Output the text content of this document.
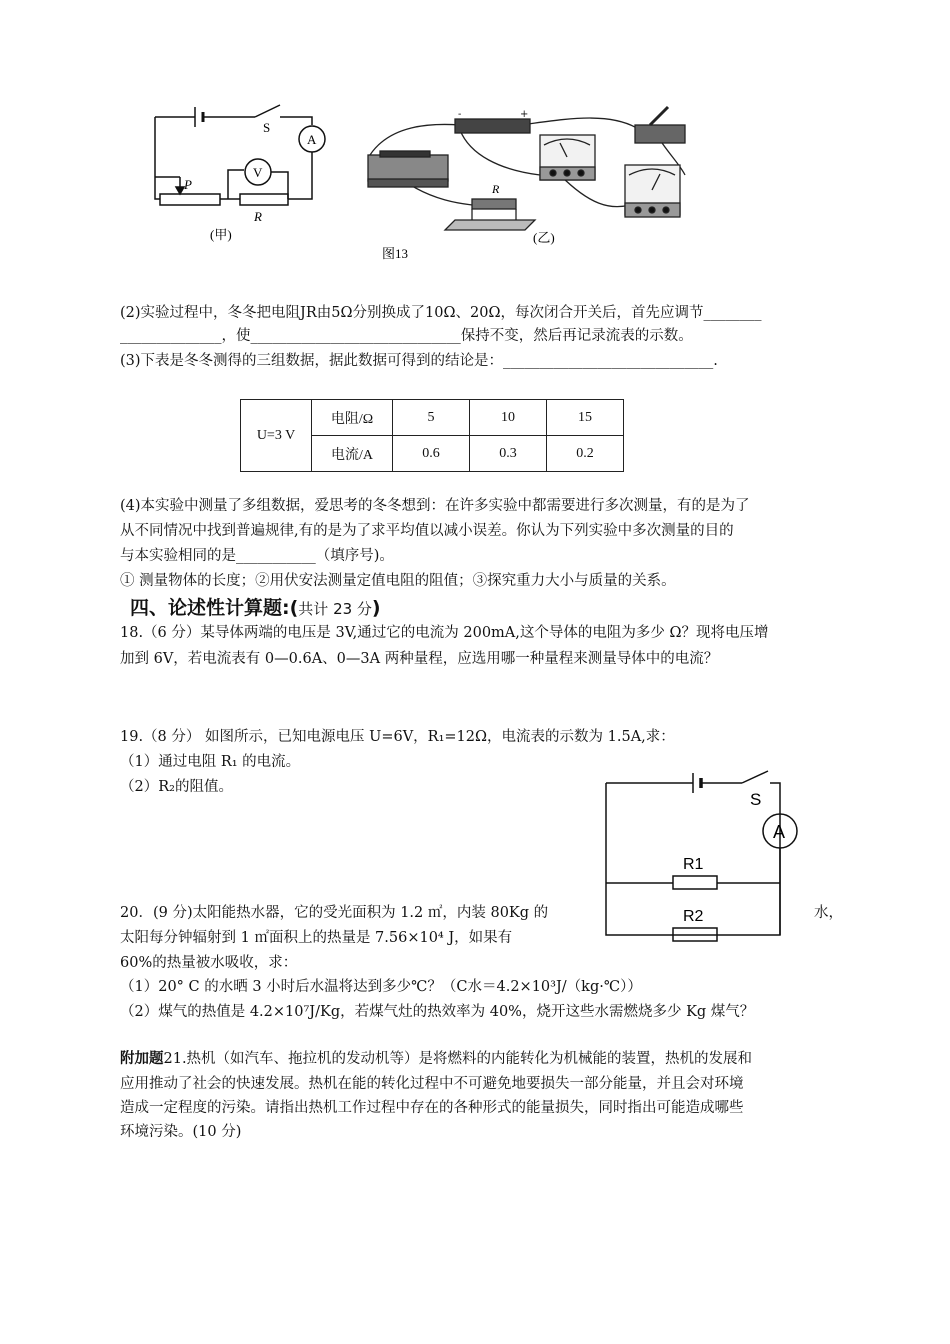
S
A
V
P
R
(甲)
-	+
R
(乙)
图13
(2)实验过程中，冬冬把电阻JR由5Ω分别换成了10Ω、20Ω，每次闭合开关后，首先应调节________
______________，使_____________________________保持不变，然后再记录流表的示数。
(3)下表是冬冬测得的三组数据，据此数据可得到的结论是：_____________________________.
U=3 V	电阻/Ω	5	10	15
	电流/A	0.6	0.3	0.2
(4)本实验中测量了多组数据，爱思考的冬冬想到：在许多实验中都需要进行多次测量，有的是为了
从不同情况中找到普遍规律,有的是为了求平均值以减小误差。你认为下列实验中多次测量的目的
与本实验相同的是___________（填序号)。
① 测量物体的长度；②用伏安法测量定值电阻的阻值；③探究重力大小与质量的关系。
四、论述性计算题:(共计 23 分)
18.（6 分）某导体两端的电压是 3V,通过它的电流为 200mA,这个导体的电阻为多少 Ω？现将电压增
加到 6V，若电流表有 0—0.6A、0—3A 两种量程，应选用哪一种量程来测量导体中的电流？
19.（8 分） 如图所示，已知电源电压 U=6V，R₁=12Ω，电流表的示数为 1.5A,求：
（1）通过电阻 R₁ 的电流。
（2）R₂的阻值。
S
A
R1
R2
20．(9 分)太阳能热水器，它的受光面积为 1.2 ㎡，内装 80Kg 的	水，
太阳每分钟辐射到 1 ㎡面积上的热量是 7.56×10⁴ J，如果有
60%的热量被水吸收，求：
（1）20° C 的水晒 3 小时后水温将达到多少℃？（C水＝4.2×10³J/（kg·℃））
（2）煤气的热值是 4.2×10⁷J/Kg，若煤气灶的热效率为 40%，烧开这些水需燃烧多少 Kg 煤气？
附加题21.热机（如汽车、拖拉机的发动机等）是将燃料的内能转化为机械能的装置，热机的发展和
应用推动了社会的快速发展。热机在能的转化过程中不可避免地要损失一部分能量，并且会对环境
造成一定程度的污染。请指出热机工作过程中存在的各种形式的能量损失，同时指出可能造成哪些
环境污染。(10 分)
